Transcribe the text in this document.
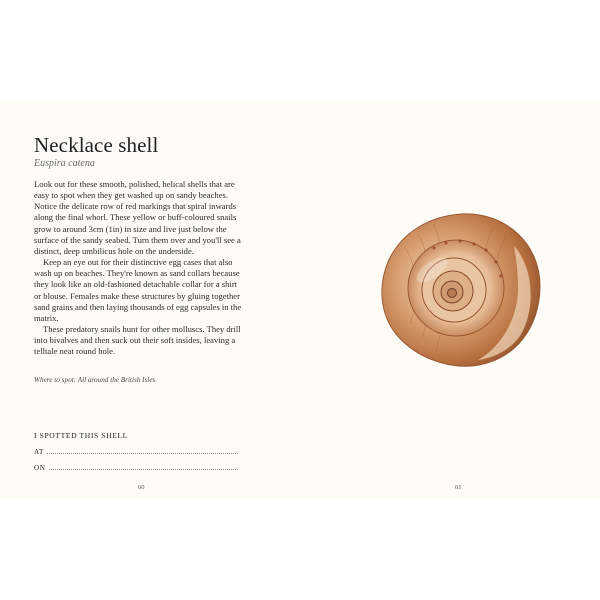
Necklace shell
Euspira catena

Look out for these smooth, polished, helical shells that are easy to spot when they get washed up on sandy beaches. Notice the delicate row of red markings that spiral inwards along the final whorl. These yellow or buff-coloured snails grow to around 3cm (1in) in size and live just below the surface of the sandy seabed. Turn them over and you'll see a distinct, deep umbilicus hole on the underside.

Keep an eye out for their distinctive egg cases that also wash up on beaches. They're known as sand collars because they look like an old-fashioned detachable collar for a shirt or blouse. Females make these structures by gluing together sand grains and then laying thousands of egg capsules in the matrix.

These predatory snails hunt for other molluscs. They drill into bivalves and then suck out their soft insides, leaving a telltale neat round hole.

Where to spot: All around the British Isles
I SPOTTED THIS SHELL
AT
ON
60	61
